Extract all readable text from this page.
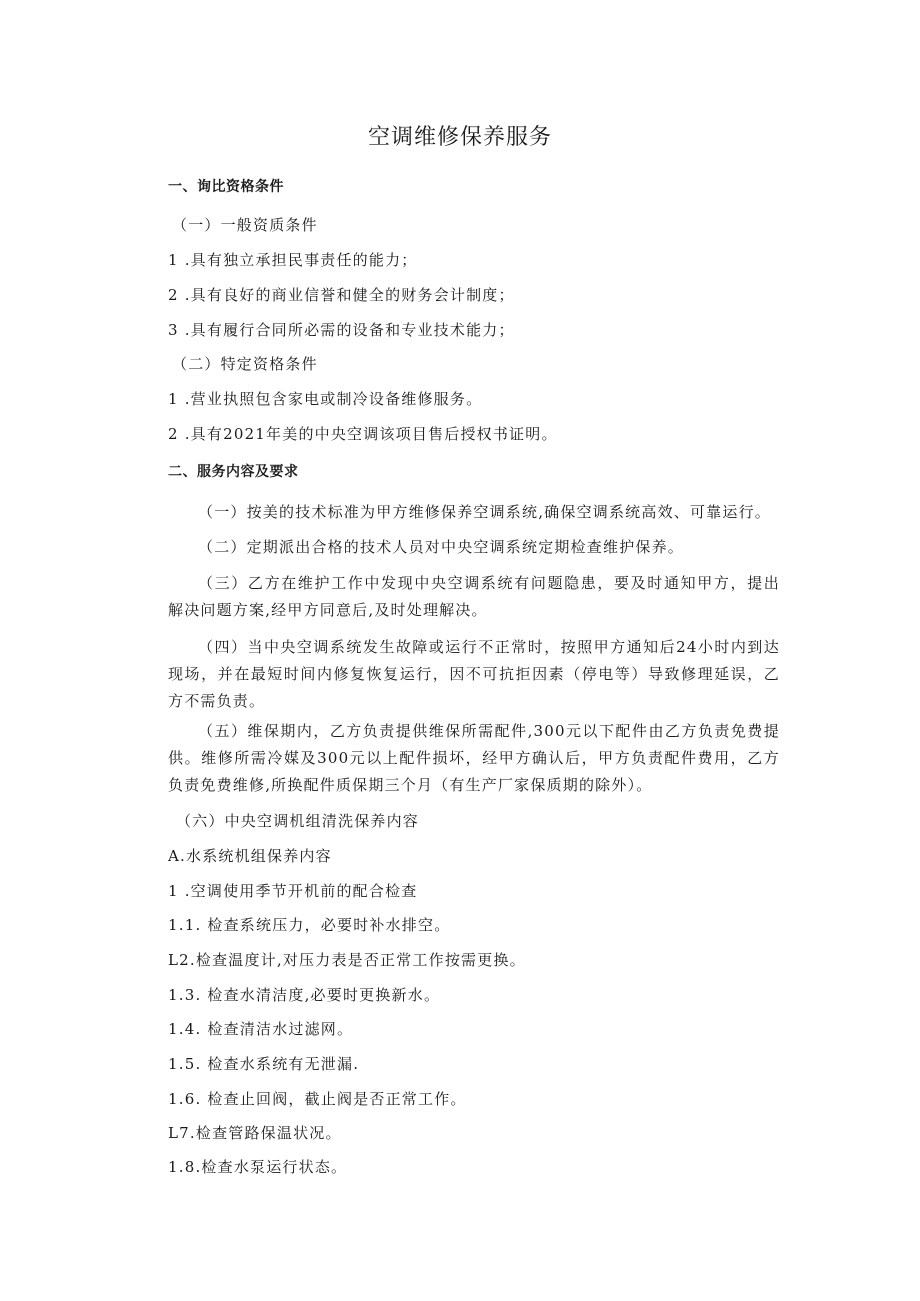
空调维修保养服务

一、询比资格条件

（一）一般资质条件

1 .具有独立承担民事责任的能力；

2 .具有良好的商业信誉和健全的财务会计制度；

3 .具有履行合同所必需的设备和专业技术能力；

（二）特定资格条件

1 .营业执照包含家电或制冷设备维修服务。

2 .具有2021年美的中央空调该项目售后授权书证明。

二、服务内容及要求

（一）按美的技术标准为甲方维修保养空调系统,确保空调系统高效、可靠运行。

（二）定期派出合格的技术人员对中央空调系统定期检查维护保养。

（三）乙方在维护工作中发现中央空调系统有问题隐患，要及时通知甲方，提出解决问题方案,经甲方同意后,及时处理解决。

（四）当中央空调系统发生故障或运行不正常时，按照甲方通知后24小时内到达现场，并在最短时间内修复恢复运行，因不可抗拒因素（停电等）导致修理延误，乙方不需负责。

（五）维保期内，乙方负责提供维保所需配件,300元以下配件由乙方负责免费提供。维修所需冷媒及300元以上配件损坏，经甲方确认后，甲方负责配件费用，乙方负责免费维修,所换配件质保期三个月（有生产厂家保质期的除外）。

（六）中央空调机组清洗保养内容

A.水系统机组保养内容

1 .空调使用季节开机前的配合检查

1.1. 检查系统压力，必要时补水排空。

L2.检查温度计,对压力表是否正常工作按需更换。

1.3. 检查水清洁度,必要时更换新水。

1.4. 检查清洁水过滤网。

1.5. 检查水系统有无泄漏.

1.6. 检查止回阀，截止阀是否正常工作。

L7.检查管路保温状况。

1.8.检查水泵运行状态。
